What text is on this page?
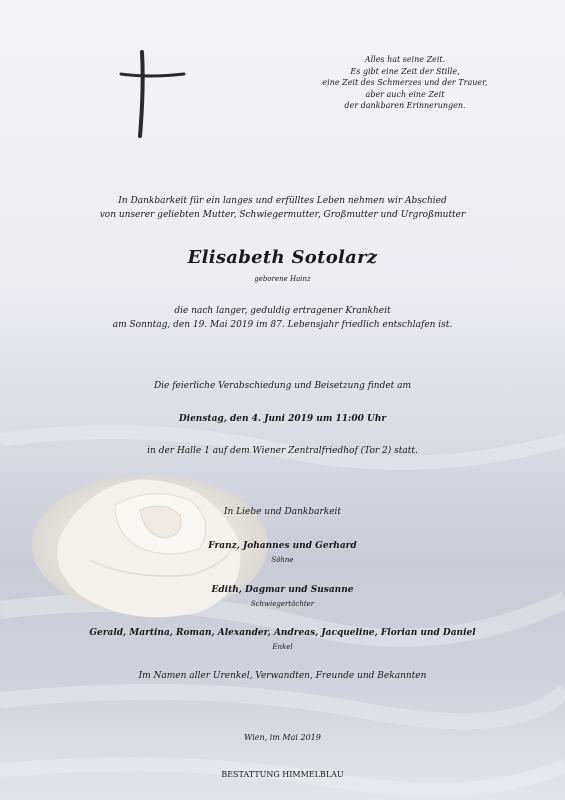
Alles hat seine Zeit.
Es gibt eine Zeit der Stille,
eine Zeit des Schmerzes und der Trauer,
aber auch eine Zeit
der dankbaren Erinnerungen.
In Dankbarkeit für ein langes und erfülltes Leben nehmen wir Abschied
von unserer geliebten Mutter, Schwiegermutter, Großmutter und Urgroßmutter
Elisabeth Sotolarz
geborene Hainz
die nach langer, geduldig ertragener Krankheit
am Sonntag, den 19. Mai 2019 im 87. Lebensjahr friedlich entschlafen ist.
Die feierliche Verabschiedung und Beisetzung findet am
Dienstag, den 4. Juni 2019 um 11:00 Uhr
in der Halle 1 auf dem Wiener Zentralfriedhof (Tor 2) statt.
In Liebe und Dankbarkeit
Franz, Johannes und Gerhard
Söhne
Edith, Dagmar und Susanne
Schwiegertöchter
Gerald, Martina, Roman, Alexander, Andreas, Jacqueline, Florian und Daniel
Enkel
Im Namen aller Urenkel, Verwandten, Freunde und Bekannten
Wien, im Mai 2019
BESTATTUNG HIMMELBLAU
